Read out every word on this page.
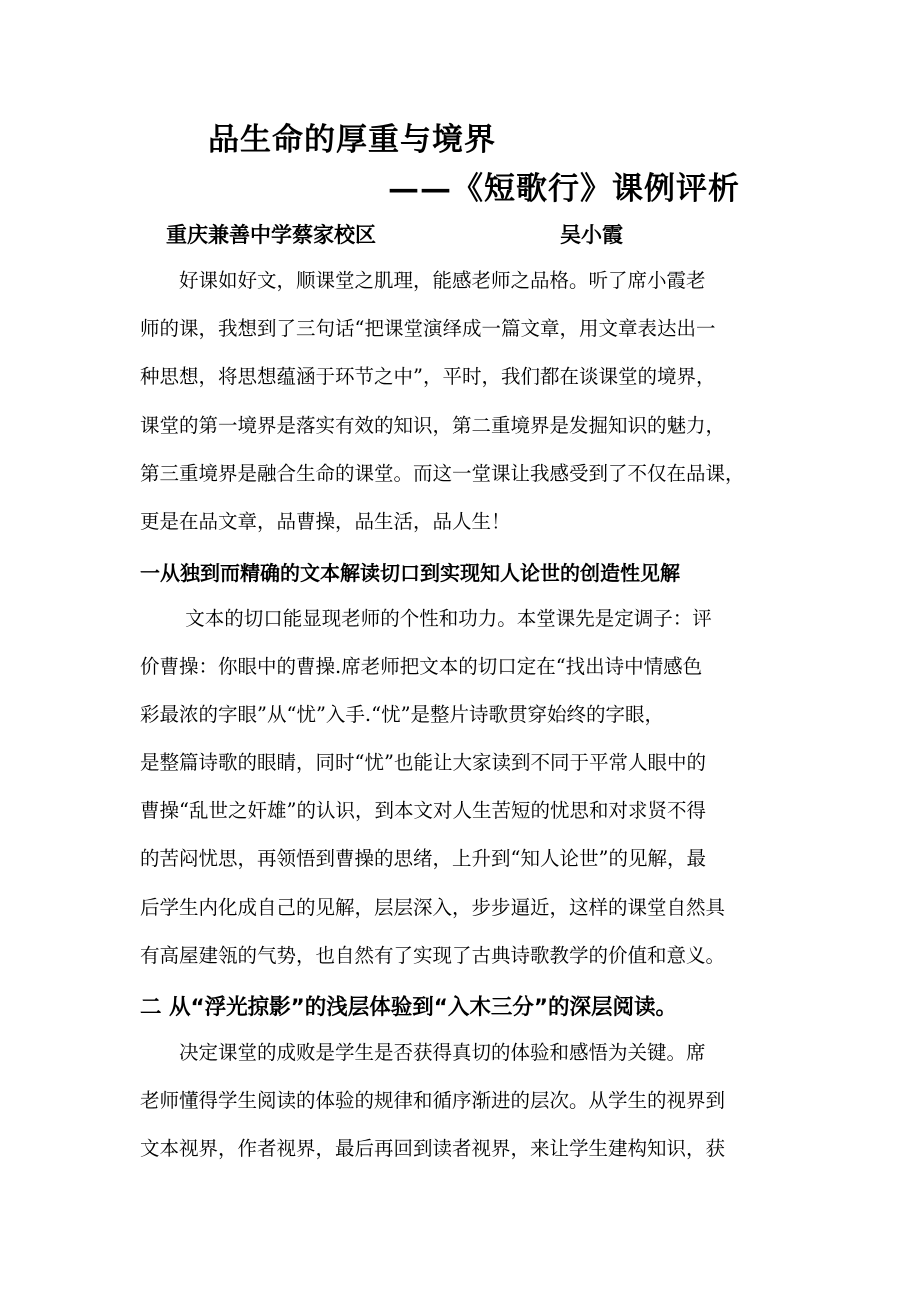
品生命的厚重与境界
——《短歌行》课例评析
重庆兼善中学蔡家校区	吴小霞
　　好课如好文，顺课堂之肌理，能感老师之品格。听了席小霞老
师的课，我想到了三句话“把课堂演绎成一篇文章，用文章表达出一
种思想，将思想蕴涵于环节之中”，平时，我们都在谈课堂的境界，
课堂的第一境界是落实有效的知识，第二重境界是发掘知识的魅力，
第三重境界是融合生命的课堂。而这一堂课让我感受到了不仅在品课，
更是在品文章，品曹操，品生活，品人生！
一从独到而精确的文本解读切口到实现知人论世的创造性见解
　　 文本的切口能显现老师的个性和功力。本堂课先是定调子：评
价曹操：你眼中的曹操.席老师把文本的切口定在“找出诗中情感色
彩最浓的字眼”从“忧”入手.“忧”是整片诗歌贯穿始终的字眼，
是整篇诗歌的眼睛，同时“忧”也能让大家读到不同于平常人眼中的
曹操“乱世之奸雄”的认识，到本文对人生苦短的忧思和对求贤不得
的苦闷忧思，再领悟到曹操的思绪，上升到“知人论世”的见解，最
后学生内化成自己的见解，层层深入，步步逼近，这样的课堂自然具
有高屋建瓴的气势，也自然有了实现了古典诗歌教学的价值和意义。
二 从“浮光掠影”的浅层体验到“入木三分”的深层阅读。
　　决定课堂的成败是学生是否获得真切的体验和感悟为关键。席
老师懂得学生阅读的体验的规律和循序渐进的层次。从学生的视界到
文本视界，作者视界，最后再回到读者视界，来让学生建构知识，获
